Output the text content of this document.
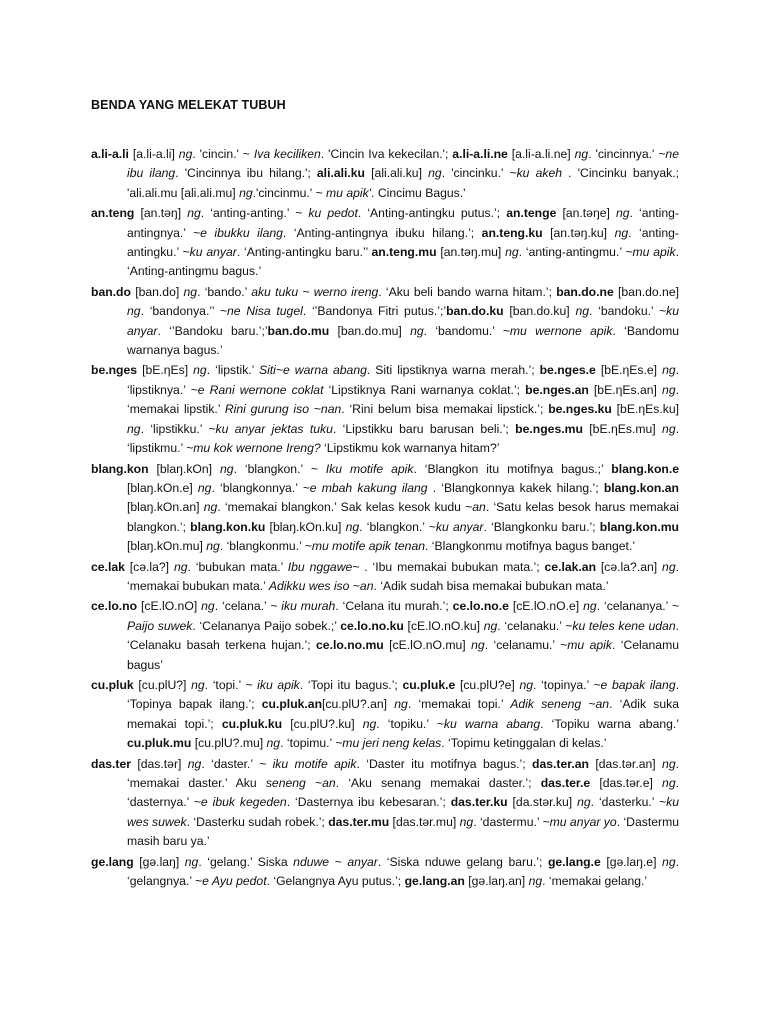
BENDA YANG MELEKAT TUBUH
a.li-a.li [a.li-a.li] ng. 'cincin.' ~ Iva keciliken. 'Cincin Iva kekecilan.'; a.li-a.li.ne [a.li-a.li.ne] ng. 'cincinnya.' ~ne ibu ilang. 'Cincinnya ibu hilang.'; ali.ali.ku [ali.ali.ku] ng. 'cincinku.' ~ku akeh . 'Cincinku banyak.; 'ali.ali.mu [ali.ali.mu] ng.'cincinmu.' ~ mu apik'. Cincimu Bagus.'
an.teng [an.təŋ] ng. ‘anting-anting.’ ~ ku pedot. ‘Anting-antingku putus.’; an.tenge [an.təŋe] ng. ‘anting-antingnya.’ ~e ibukku ilang. ‘Anting-antingnya ibuku hilang.’; an.teng.ku [an.təŋ.ku] ng. ‘anting-antingku.’ ~ku anyar. ‘Anting-antingku baru.’’ an.teng.mu [an.təŋ.mu] ng. ‘anting-antingmu.’ ~mu apik. ‘Anting-antingmu bagus.’
ban.do [ban.do] ng. ‘bando.’ aku tuku ~ werno ireng. ‘Aku beli bando warna hitam.’; ban.do.ne [ban.do.ne] ng. ‘bandonya.’’ ~ne Nisa tugel. ‘’Bandonya Fitri putus.’;’ban.do.ku [ban.do.ku] ng. ‘bandoku.’ ~ku anyar. ‘’Bandoku baru.’;’ban.do.mu [ban.do.mu] ng. ‘bandomu.’ ~mu wernone apik. ‘Bandomu warnanya bagus.’
be.nges [bE.ηEs] ng. ‘lipstik.’ Siti~e warna abang. Siti lipstiknya warna merah.’; be.nges.e [bE.ηEs.e] ng. ‘lipstiknya.’ ~e Rani wernone coklat ‘Lipstiknya Rani warnanya coklat.’; be.nges.an [bE.ηEs.an] ng. ‘memakai lipstik.’ Rini gurung iso ~nan. ‘Rini belum bisa memakai lipstick.’; be.nges.ku [bE.ηEs.ku] ng. ‘lipstikku.’ ~ku anyar jektas tuku. ‘Lipstikku baru barusan beli.’; be.nges.mu [bE.ηEs.mu] ng. ‘lipstikmu.’ ~mu kok wernone Ireng? ‘Lipstikmu kok warnanya hitam?’
blang.kon [blaŋ.kOn] ng. ‘blangkon.’ ~ Iku motife apik. ‘Blangkon itu motifnya bagus.;’ blang.kon.e [blaŋ.kOn.e] ng. ‘blangkonnya.’ ~e mbah kakung ilang . ‘Blangkonnya kakek hilang.’; blang.kon.an [blaŋ.kOn.an] ng. ‘memakai blangkon.’ Sak kelas kesok kudu ~an. ‘Satu kelas besok harus memakai blangkon.’; blang.kon.ku [blaŋ.kOn.ku] ng. ‘blangkon.’ ~ku anyar. ‘Blangkonku baru.’; blang.kon.mu [blaŋ.kOn.mu] ng. ‘blangkonmu.’ ~mu motife apik tenan. ‘Blangkonmu motifnya bagus banget.’
ce.lak [cə.la?] ng. ‘bubukan mata.’ Ibu nggawe~ . ‘Ibu memakai bubukan mata.’; ce.lak.an [cə.la?.an] ng. ‘memakai bubukan mata.’ Adikku wes iso ~an. ‘Adik sudah bisa memakai bubukan mata.’
ce.lo.no [cE.lO.nO] ng. ‘celana.’ ~ iku murah. ‘Celana itu murah.’; ce.lo.no.e [cE.lO.nO.e] ng. ‘celananya.’ ~ Paijo suwek. ‘Celananya Paijo sobek.;’ ce.lo.no.ku [cE.lO.nO.ku] ng. ‘celanaku.’ ~ku teles kene udan. ‘Celanaku basah terkena hujan.’; ce.lo.no.mu [cE.lO.nO.mu] ng. ‘celanamu.’ ~mu apik. ‘Celanamu bagus’
cu.pluk [cu.plU?] ng. ‘topi.’ ~ iku apik. ‘Topi itu bagus.’; cu.pluk.e [cu.plU?e] ng. ‘topinya.’ ~e bapak ilang. ‘Topinya bapak ilang.’; cu.pluk.an[cu.plU?.an] ng. ‘memakai topi.’ Adik seneng ~an. ‘Adik suka memakai topi.’; cu.pluk.ku [cu.plU?.ku] ng. ‘topiku.’ ~ku warna abang. ‘Topiku warna abang.’ cu.pluk.mu [cu.plU?.mu] ng. ‘topimu.’ ~mu jeri neng kelas. ‘Topimu ketinggalan di kelas.’
das.ter [das.tər] ng. ‘daster.’ ~ iku motife apik. ‘Daster itu motifnya bagus.’; das.ter.an [das.tər.an] ng. ‘memakai daster.’ Aku seneng ~an. ‘Aku senang memakai daster.’; das.ter.e [das.tər.e] ng. ‘dasternya.’ ~e ibuk kegeden. ‘Dasternya ibu kebesaran.’; das.ter.ku [da.stər.ku] ng. ‘dasterku.’ ~ku wes suwek. ‘Dasterku sudah robek.’; das.ter.mu [das.tər.mu] ng. ‘dastermu.’ ~mu anyar yo. ‘Dastermu masih baru ya.’
ge.lang [gə.laŋ] ng. ‘gelang.’ Siska nduwe ~ anyar. ‘Siska nduwe gelang baru.’; ge.lang.e [gə.laŋ.e] ng. ‘gelangnya.’ ~e Ayu pedot. ‘Gelangnya Ayu putus.’; ge.lang.an [gə.laŋ.an] ng. ‘memakai gelang.’
